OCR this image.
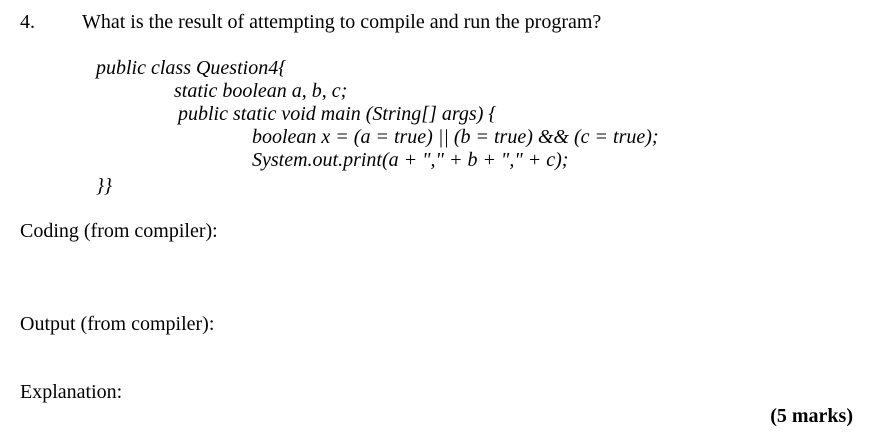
4. What is the result of attempting to compile and run the program?
public class Question4{
static boolean a, b, c;
public static void main (String[] args) {
boolean x = (a = true) || (b = true) && (c = true);
System.out.print(a + "," + b + "," + c);
}}
Coding (from compiler):
Output (from compiler):
Explanation:
(5 marks)
